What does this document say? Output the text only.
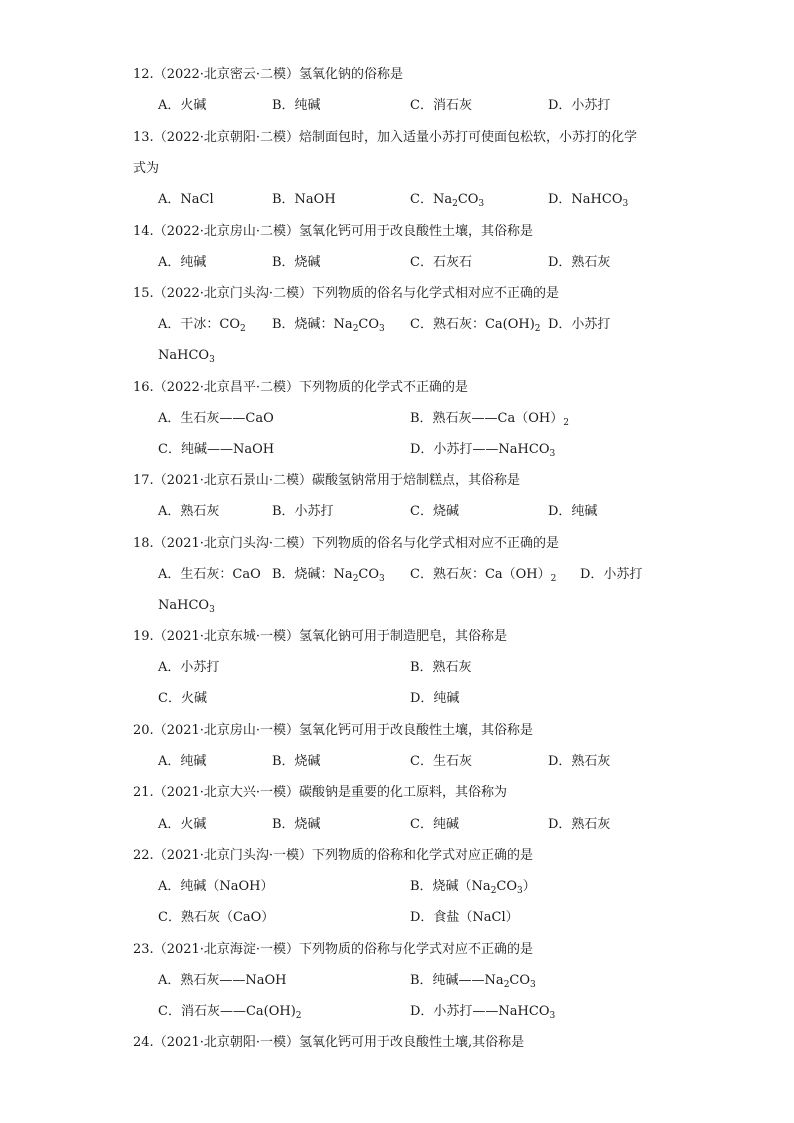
12.（2022·北京密云·二模）氢氧化钠的俗称是
A．火碱	B．纯碱	C．消石灰	D．小苏打
13.（2022·北京朝阳·二模）焙制面包时，加入适量小苏打可使面包松软，小苏打的化学
式为
A．NaCl	B．NaOH	C．$Na_2CO_3$	D．NaHCO$_3$
14.（2022·北京房山·二模）氢氧化钙可用于改良酸性土壤，其俗称是
A．纯碱	B．烧碱	C．石灰石	D．熟石灰
15.（2022·北京门头沟·二模）下列物质的俗名与化学式相对应不正确的是
A．干冰：$CO_2$ B．烧碱：$Na_2CO_3$ C．熟石灰：$Ca(OH)_2$ D．小苏打
NaHCO$_3$
16.（2022·北京昌平·二模）下列物质的化学式不正确的是
A．生石灰——CaO	B．熟石灰$——Ca(OH)_2$
C．纯碱——NaOH	D．小苏打——NaHCO$_3$
17.（2021·北京石景山·二模）碳酸氢钠常用于焙制糕点，其俗称是
A．熟石灰	B．小苏打	C．烧碱	D．纯碱
18.（2021·北京门头沟·二模）下列物质的俗名与化学式相对应不正确的是
A．生石灰：CaO B．烧碱：$Na_2CO_3$ C．熟石灰：$Ca(OH)_2$ D．小苏打
NaHCO$_3$
19.（2021·北京东城·一模）氢氧化钠可用于制造肥皂，其俗称是
A．小苏打	B．熟石灰
C．火碱	D．纯碱
20.（2021·北京房山·一模）氢氧化钙可用于改良酸性土壤，其俗称是
A．纯碱	B．烧碱	C．生石灰	D．熟石灰
21.（2021·北京大兴·一模）碳酸钠是重要的化工原料，其俗称为
A．火碱	B．烧碱	C．纯碱	D．熟石灰
22.（2021·北京门头沟·一模）下列物质的俗称和化学式对应正确的是
A．纯碱（NaOH）	B．烧碱$(Na_2CO_3)$
C．熟石灰（CaO）	D．食盐（NaCl）
23.（2021·北京海淀·一模）下列物质的俗称与化学式对应不正确的是
A．熟石灰——NaOH	B．纯碱$——Na_2CO_3$
C．消石灰$——Ca(OH)_2$	D．小苏打——NaHCO$_3$
24.（2021·北京朝阳·一模）氢氧化钙可用于改良酸性土壤,其俗称是
